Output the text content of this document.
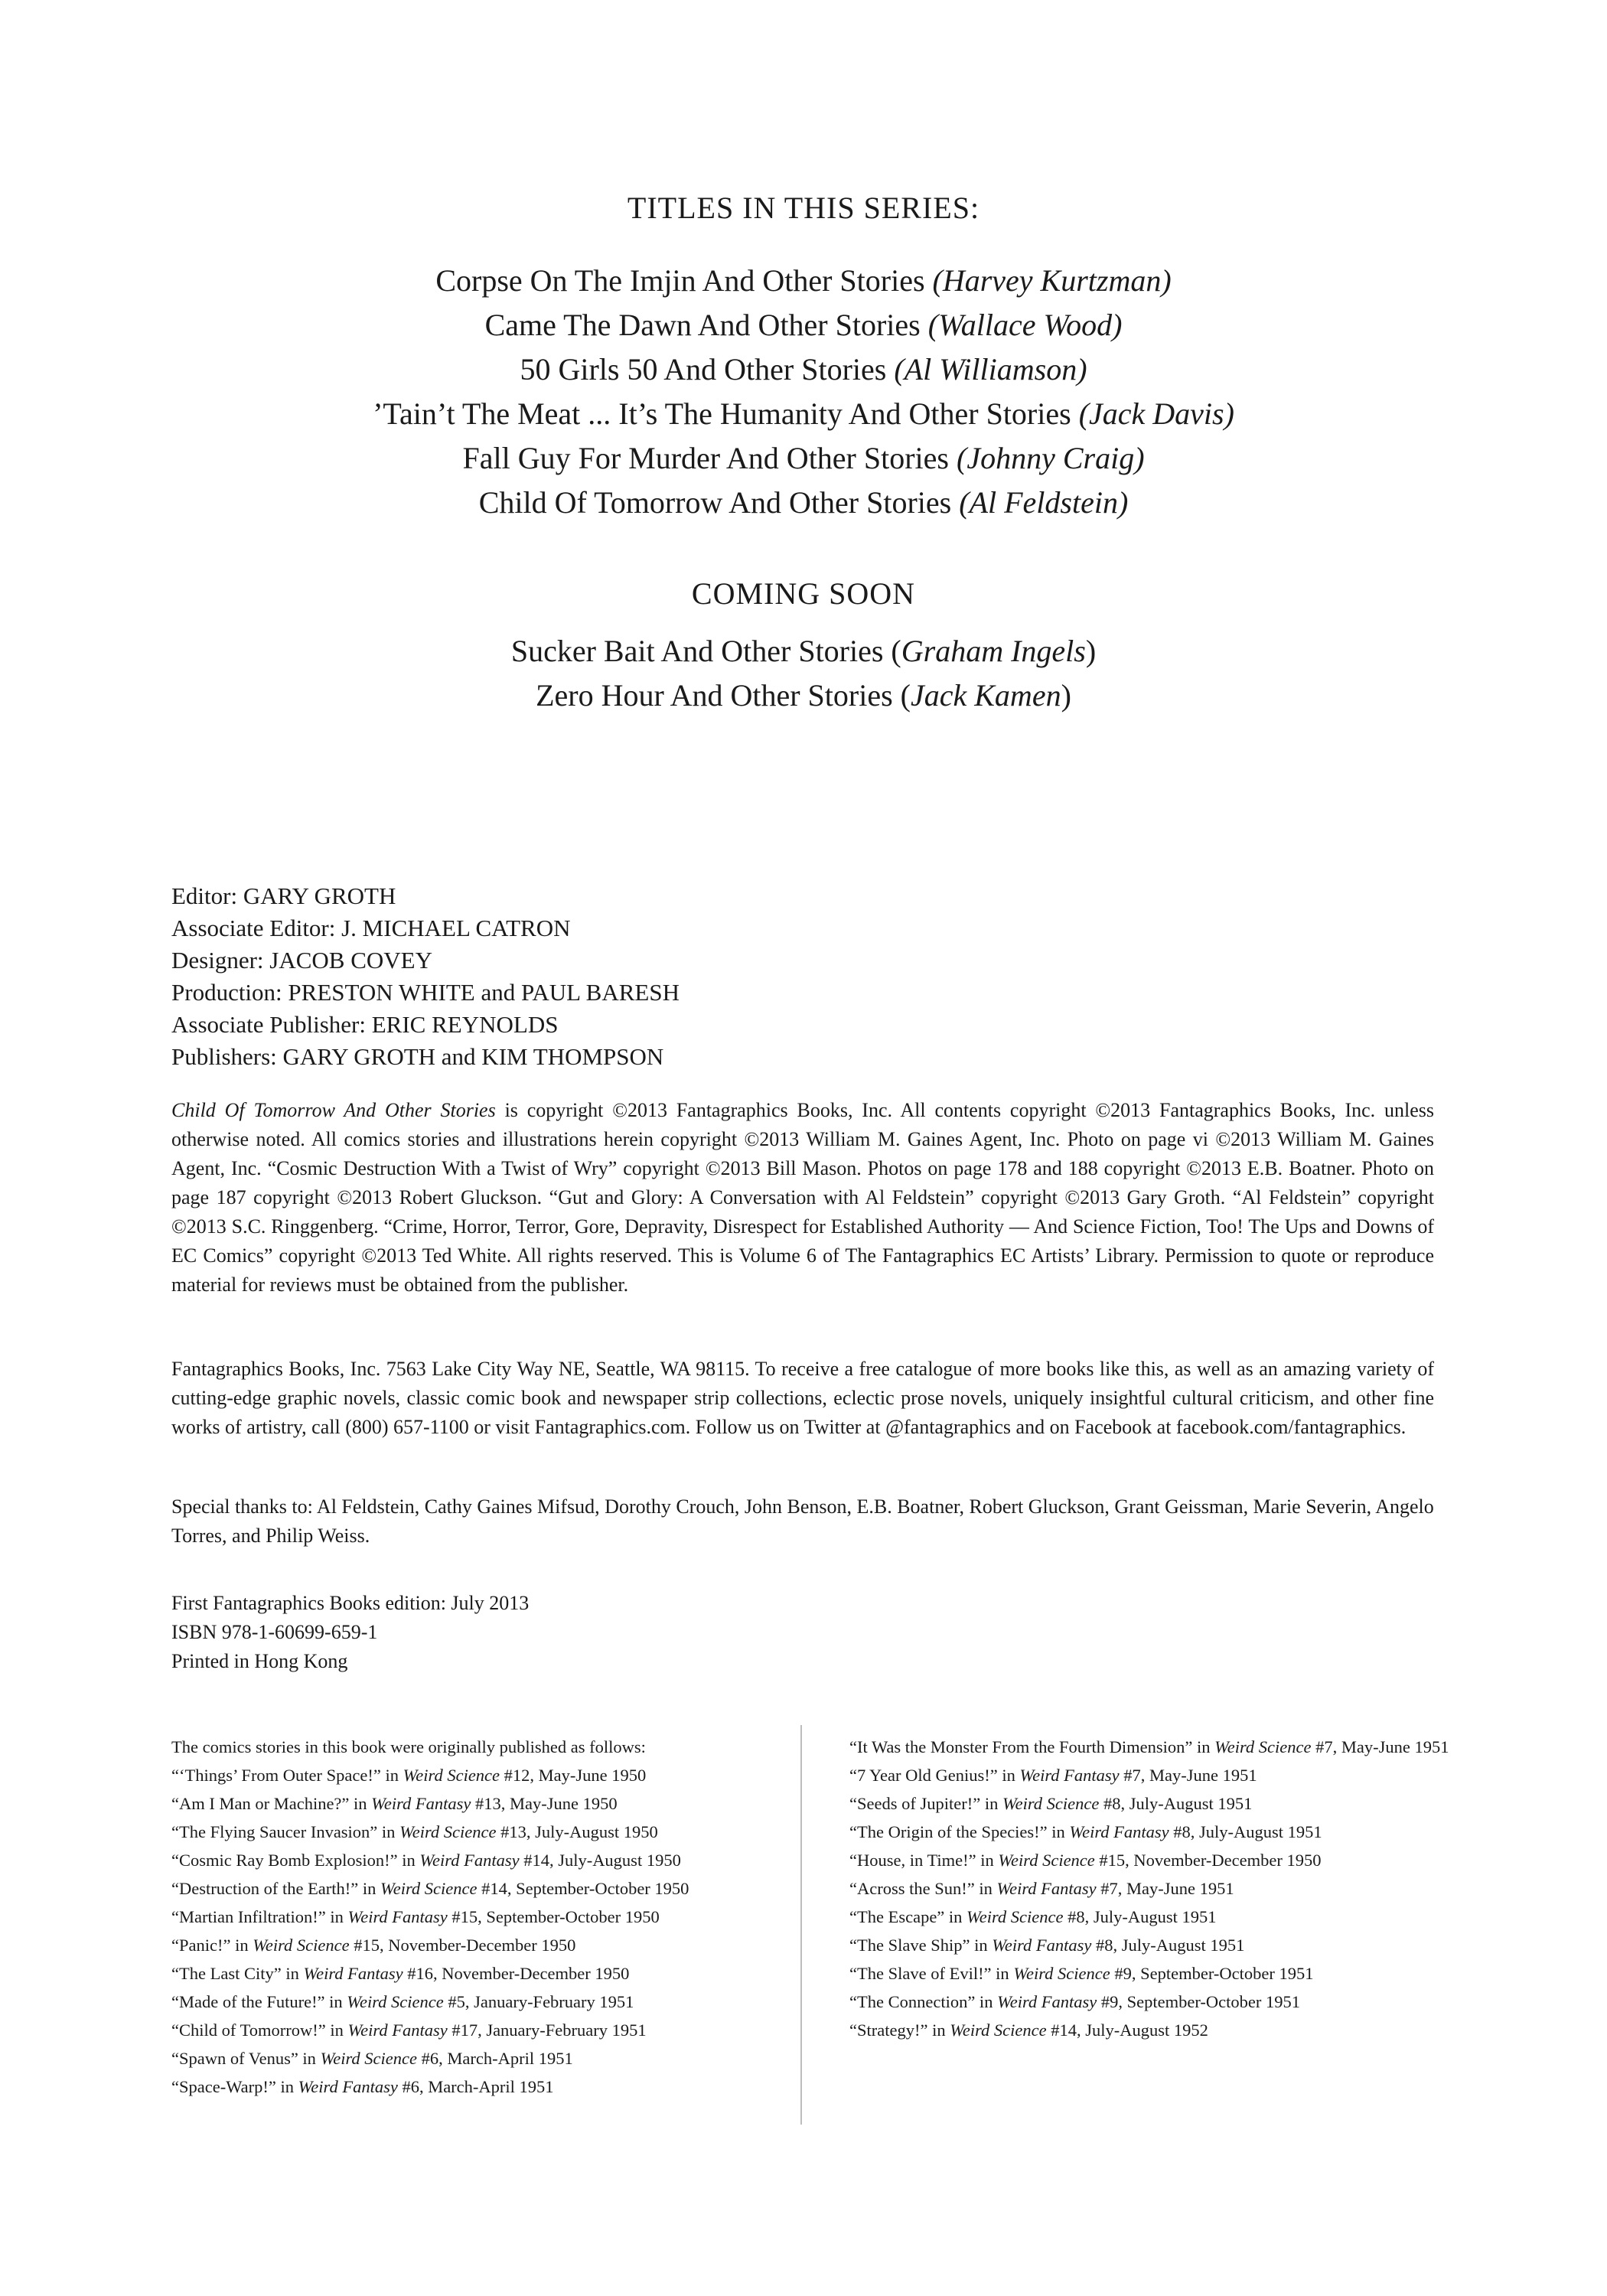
TITLES IN THIS SERIES:
Corpse On The Imjin And Other Stories (Harvey Kurtzman)
Came The Dawn And Other Stories (Wallace Wood)
50 Girls 50 And Other Stories (Al Williamson)
’Tain’t The Meat ... It’s The Humanity And Other Stories (Jack Davis)
Fall Guy For Murder And Other Stories (Johnny Craig)
Child Of Tomorrow And Other Stories (Al Feldstein)
COMING SOON
Sucker Bait And Other Stories (Graham Ingels)
Zero Hour And Other Stories (Jack Kamen)
Editor: GARY GROTH
Associate Editor: J. MICHAEL CATRON
Designer: JACOB COVEY
Production: PRESTON WHITE and PAUL BARESH
Associate Publisher: ERIC REYNOLDS
Publishers: GARY GROTH and KIM THOMPSON
Child Of Tomorrow And Other Stories is copyright ©2013 Fantagraphics Books, Inc. All contents copyright ©2013 Fantagraphics Books, Inc. unless otherwise noted. All comics stories and illustrations herein copyright ©2013 William M. Gaines Agent, Inc. Photo on page vi ©2013 William M. Gaines Agent, Inc. “Cosmic Destruction With a Twist of Wry” copyright ©2013 Bill Mason. Photos on page 178 and 188 copyright ©2013 E.B. Boatner. Photo on page 187 copyright ©2013 Robert Gluckson. “Gut and Glory: A Conversation with Al Feldstein” copyright ©2013 Gary Groth. “Al Feldstein” copyright ©2013 S.C. Ringgenberg. “Crime, Horror, Terror, Gore, Depravity, Disrespect for Established Authority — And Science Fiction, Too! The Ups and Downs of EC Comics” copyright ©2013 Ted White. All rights reserved. This is Volume 6 of The Fantagraphics EC Artists’ Library. Permission to quote or reproduce material for reviews must be obtained from the publisher.
Fantagraphics Books, Inc. 7563 Lake City Way NE, Seattle, WA 98115. To receive a free catalogue of more books like this, as well as an amazing variety of cutting-edge graphic novels, classic comic book and newspaper strip collections, eclectic prose novels, uniquely insightful cultural criticism, and other fine works of artistry, call (800) 657-1100 or visit Fantagraphics.com. Follow us on Twitter at @fantagraphics and on Facebook at facebook.com/fantagraphics.
Special thanks to: Al Feldstein, Cathy Gaines Mifsud, Dorothy Crouch, John Benson, E.B. Boatner, Robert Gluckson, Grant Geissman, Marie Severin, Angelo Torres, and Philip Weiss.
First Fantagraphics Books edition: July 2013
ISBN 978-1-60699-659-1
Printed in Hong Kong
The comics stories in this book were originally published as follows:
“‘Things’ From Outer Space!” in Weird Science #12, May-June 1950
“Am I Man or Machine?” in Weird Fantasy #13, May-June 1950
“The Flying Saucer Invasion” in Weird Science #13, July-August 1950
“Cosmic Ray Bomb Explosion!” in Weird Fantasy #14, July-August 1950
“Destruction of the Earth!” in Weird Science #14, September-October 1950
“Martian Infiltration!” in Weird Fantasy #15, September-October 1950
“Panic!” in Weird Science #15, November-December 1950
“The Last City” in Weird Fantasy #16, November-December 1950
“Made of the Future!” in Weird Science #5, January-February 1951
“Child of Tomorrow!” in Weird Fantasy #17, January-February 1951
“Spawn of Venus” in Weird Science #6, March-April 1951
“Space-Warp!” in Weird Fantasy #6, March-April 1951
“It Was the Monster From the Fourth Dimension” in Weird Science #7, May-June 1951
“7 Year Old Genius!” in Weird Fantasy #7, May-June 1951
“Seeds of Jupiter!” in Weird Science #8, July-August 1951
“The Origin of the Species!” in Weird Fantasy #8, July-August 1951
“House, in Time!” in Weird Science #15, November-December 1950
“Across the Sun!” in Weird Fantasy #7, May-June 1951
“The Escape” in Weird Science #8, July-August 1951
“The Slave Ship” in Weird Fantasy #8, July-August 1951
“The Slave of Evil!” in Weird Science #9, September-October 1951
“The Connection” in Weird Fantasy #9, September-October 1951
“Strategy!” in Weird Science #14, July-August 1952
